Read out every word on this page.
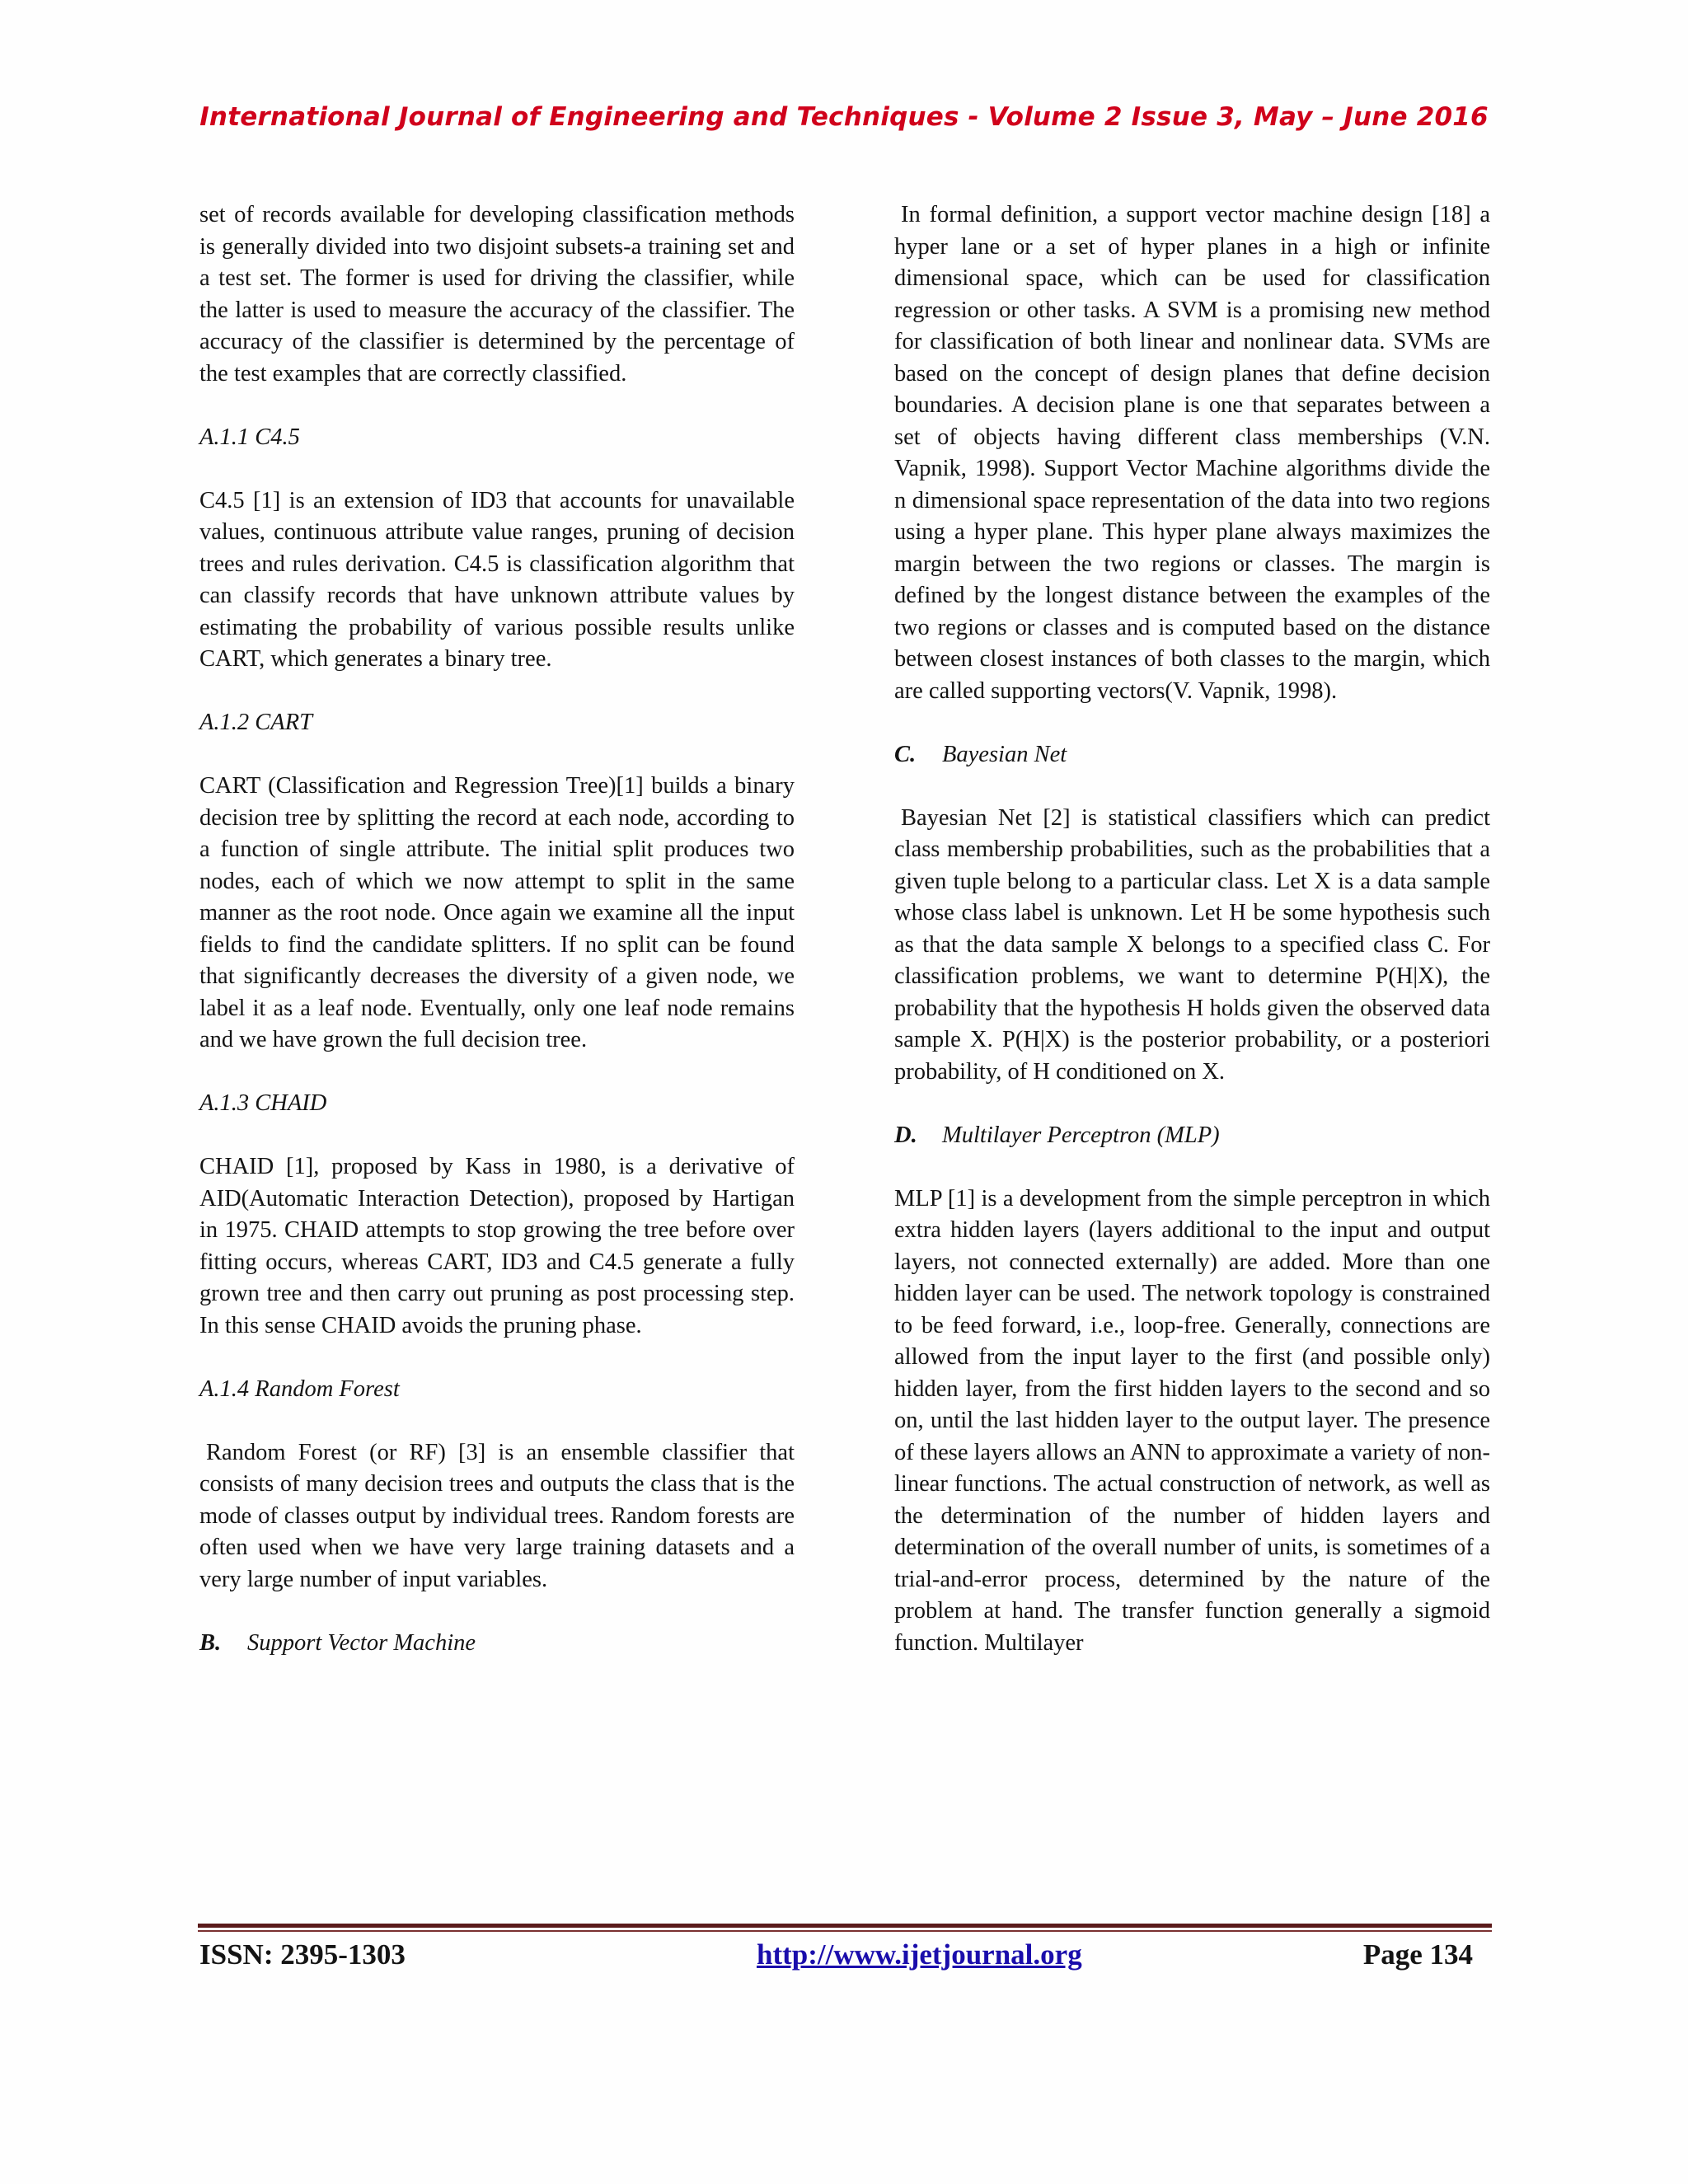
International Journal of Engineering and Techniques - Volume 2 Issue 3, May – June 2016

set of records available for developing classification methods is generally divided into two disjoint subsets-a training set and a test set. The former is used for driving the classifier, while the latter is used to measure the accuracy of the classifier. The accuracy of the classifier is determined by the percentage of the test examples that are correctly classified.

A.1.1 C4.5

C4.5 [1] is an extension of ID3 that accounts for unavailable values, continuous attribute value ranges, pruning of decision trees and rules derivation. C4.5 is classification algorithm that can classify records that have unknown attribute values by estimating the probability of various possible results unlike CART, which generates a binary tree.

A.1.2 CART

CART (Classification and Regression Tree)[1] builds a binary decision tree by splitting the record at each node, according to a function of single attribute. The initial split produces two nodes, each of which we now attempt to split in the same manner as the root node. Once again we examine all the input fields to find the candidate splitters. If no split can be found that significantly decreases the diversity of a given node, we label it as a leaf node. Eventually, only one leaf node remains and we have grown the full decision tree.

A.1.3 CHAID

CHAID [1], proposed by Kass in 1980, is a derivative of AID(Automatic Interaction Detection), proposed by Hartigan in 1975. CHAID attempts to stop growing the tree before over fitting occurs, whereas CART, ID3 and C4.5 generate a fully grown tree and then carry out pruning as post processing step. In this sense CHAID avoids the pruning phase.

A.1.4 Random Forest

Random Forest (or RF) [3] is an ensemble classifier that consists of many decision trees and outputs the class that is the mode of classes output by individual trees. Random forests are often used when we have very large training datasets and a very large number of input variables.

B. Support Vector Machine

In formal definition, a support vector machine design [18] a hyper lane or a set of hyper planes in a high or infinite dimensional space, which can be used for classification regression or other tasks. A SVM is a promising new method for classification of both linear and nonlinear data. SVMs are based on the concept of design planes that define decision boundaries. A decision plane is one that separates between a set of objects having different class memberships (V.N. Vapnik, 1998). Support Vector Machine algorithms divide the n dimensional space representation of the data into two regions using a hyper plane. This hyper plane always maximizes the margin between the two regions or classes. The margin is defined by the longest distance between the examples of the two regions or classes and is computed based on the distance between closest instances of both classes to the margin, which are called supporting vectors(V. Vapnik, 1998).

C. Bayesian Net

Bayesian Net [2] is statistical classifiers which can predict class membership probabilities, such as the probabilities that a given tuple belong to a particular class. Let X is a data sample whose class label is unknown. Let H be some hypothesis such as that the data sample X belongs to a specified class C. For classification problems, we want to determine P(H|X), the probability that the hypothesis H holds given the observed data sample X. P(H|X) is the posterior probability, or a posteriori probability, of H conditioned on X.

D. Multilayer Perceptron (MLP)

MLP [1] is a development from the simple perceptron in which extra hidden layers (layers additional to the input and output layers, not connected externally) are added. More than one hidden layer can be used. The network topology is constrained to be feed forward, i.e., loop-free. Generally, connections are allowed from the input layer to the first (and possible only) hidden layer, from the first hidden layers to the second and so on, until the last hidden layer to the output layer. The presence of these layers allows an ANN to approximate a variety of non-linear functions. The actual construction of network, as well as the determination of the number of hidden layers and determination of the overall number of units, is sometimes of a trial-and-error process, determined by the nature of the problem at hand. The transfer function generally a sigmoid function. Multilayer

ISSN: 2395-1303	http://www.ijetjournal.org	Page 134
